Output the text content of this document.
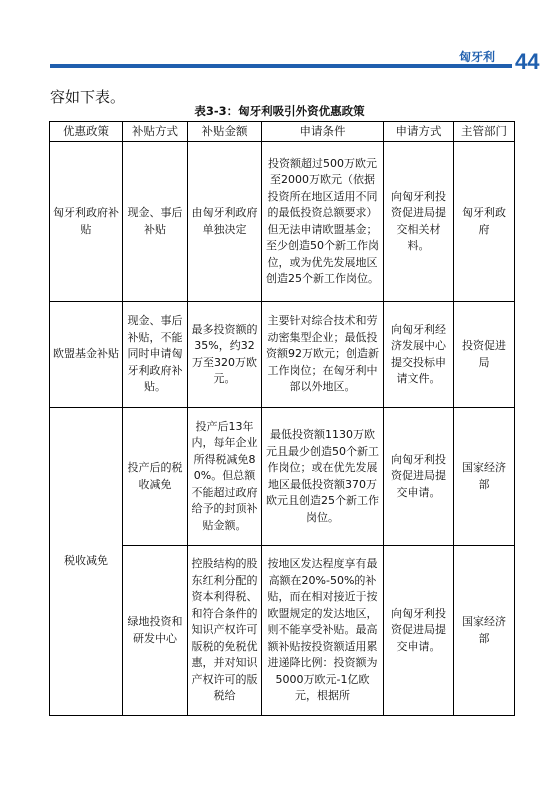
匈牙利 44
容如下表。
表3-3：匈牙利吸引外资优惠政策
优惠政策	补贴方式	补贴金额	申请条件	申请方式	主管部门
匈牙利政府补贴	现金、事后补贴	由匈牙利政府单独决定	投资额超过500万欧元至2000万欧元（依据投资所在地区适用不同的最低投资总额要求）但无法申请欧盟基金；至少创造50个新工作岗位，或为优先发展地区创造25个新工作岗位。	向匈牙利投资促进局提交相关材料。	匈牙利政府
欧盟基金补贴	现金、事后补贴，不能同时申请匈牙利政府补贴。	最多投资额的35%，约32万至320万欧元。	主要针对综合技术和劳动密集型企业；最低投资额92万欧元；创造新工作岗位；在匈牙利中部以外地区。	向匈牙利经济发展中心提交投标申请文件。	投资促进局
税收减免	投产后的税收减免	投产后13年内，每年企业所得税减免80%。但总额不能超过政府给予的封顶补贴金额。	最低投资额1130万欧元且最少创造50个新工作岗位；或在优先发展地区最低投资额370万欧元且创造25个新工作岗位。	向匈牙利投资促进局提交申请。	国家经济部
	绿地投资和研发中心	控股结构的股东红利分配的资本利得税、和符合条件的知识产权许可版税的免税优惠，并对知识产权许可的版税给	按地区发达程度享有最高额在20%-50%的补贴，而在相对接近于按欧盟规定的发达地区，则不能享受补贴。最高额补贴按投资额适用累进递降比例：投资额为5000万欧元-1亿欧元，根据所	向匈牙利投资促进局提交申请。	国家经济部
